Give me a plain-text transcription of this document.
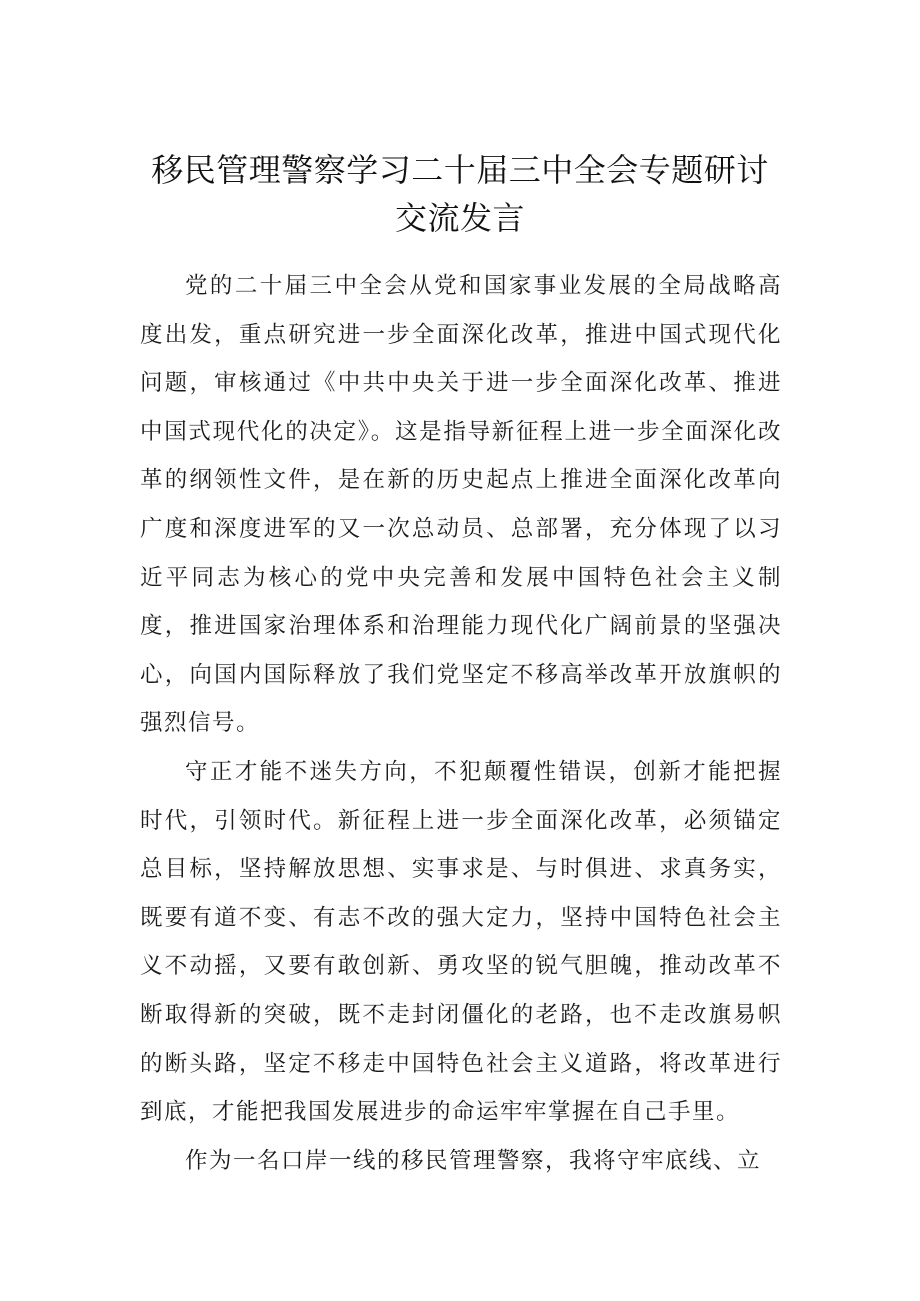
移民管理警察学习二十届三中全会专题研讨交流发言

党的二十届三中全会从党和国家事业发展的全局战略高度出发，重点研究进一步全面深化改革，推进中国式现代化问题，审核通过《中共中央关于进一步全面深化改革、推进中国式现代化的决定》。这是指导新征程上进一步全面深化改革的纲领性文件，是在新的历史起点上推进全面深化改革向广度和深度进军的又一次总动员、总部署，充分体现了以习近平同志为核心的党中央完善和发展中国特色社会主义制度，推进国家治理体系和治理能力现代化广阔前景的坚强决心，向国内国际释放了我们党坚定不移高举改革开放旗帜的强烈信号。

守正才能不迷失方向，不犯颠覆性错误，创新才能把握时代，引领时代。新征程上进一步全面深化改革，必须锚定总目标，坚持解放思想、实事求是、与时俱进、求真务实，既要有道不变、有志不改的强大定力，坚持中国特色社会主义不动摇，又要有敢创新、勇攻坚的锐气胆魄，推动改革不断取得新的突破，既不走封闭僵化的老路，也不走改旗易帜的断头路，坚定不移走中国特色社会主义道路，将改革进行到底，才能把我国发展进步的命运牢牢掌握在自己手里。

作为一名口岸一线的移民管理警察，我将守牢底线、立
